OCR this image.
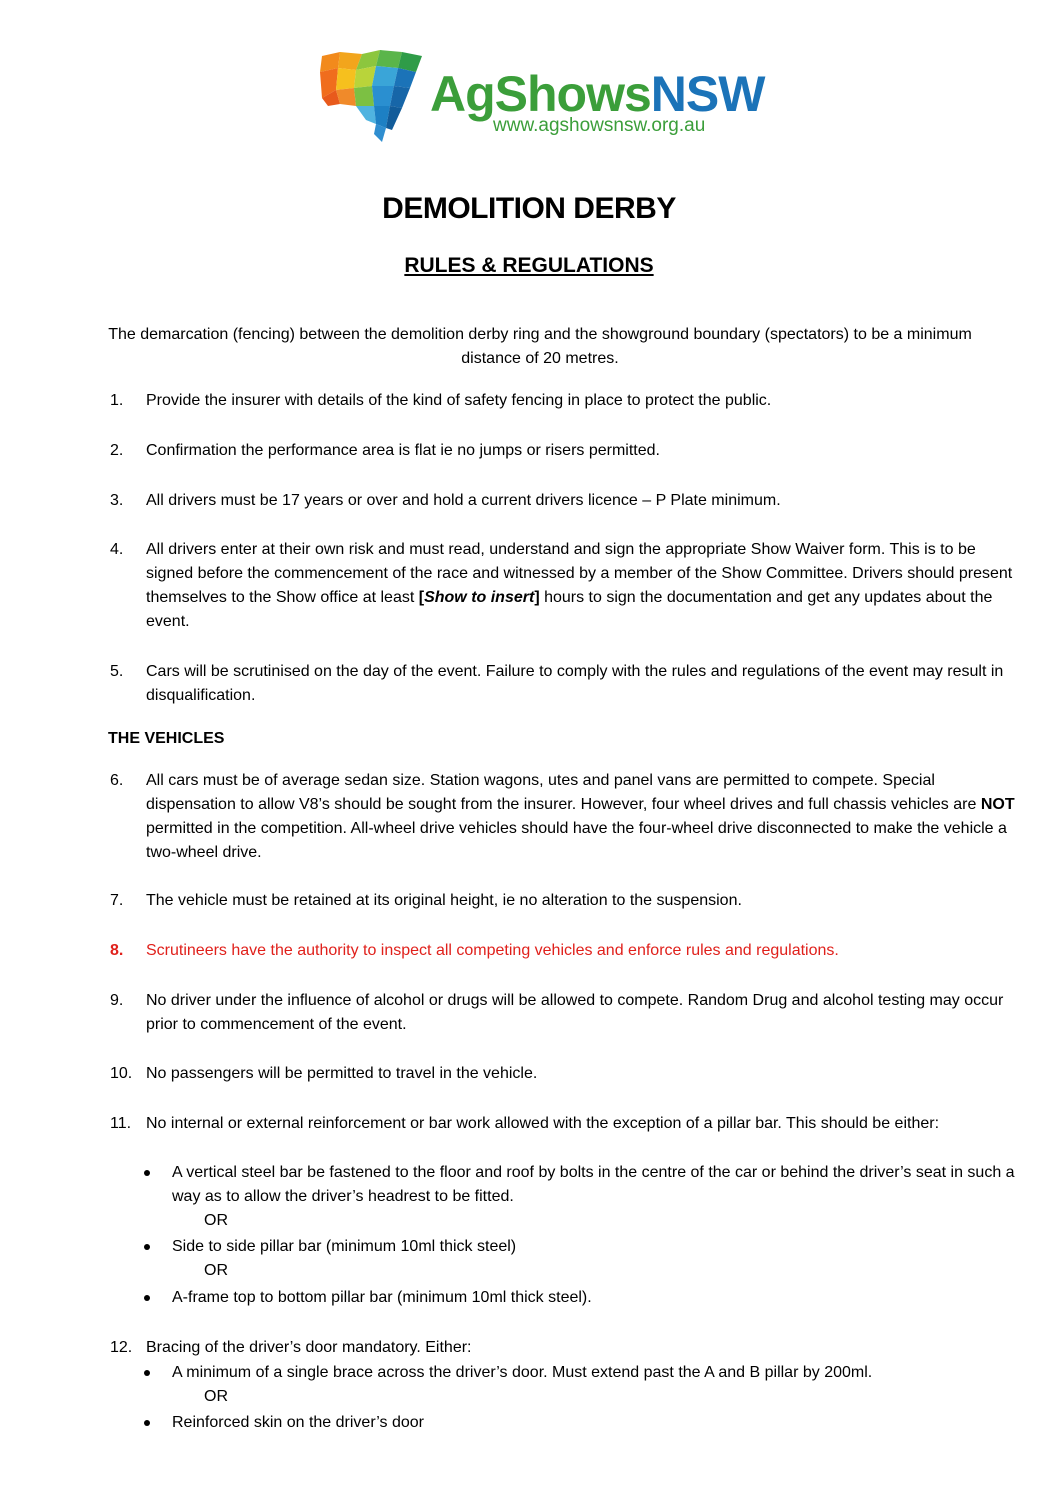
AgShowsNSW
www.agshowsnsw.org.au
DEMOLITION DERBY
RULES & REGULATIONS
The demarcation (fencing) between the demolition derby ring and the showground boundary (spectators) to be a minimum distance of 20 metres.
1.	Provide the insurer with details of the kind of safety fencing in place to protect the public.
2.	Confirmation the performance area is flat ie no jumps or risers permitted.
3.	All drivers must be 17 years or over and hold a current drivers licence – P Plate minimum.
4.	All drivers enter at their own risk and must read, understand and sign the appropriate Show Waiver form. This is to be signed before the commencement of the race and witnessed by a member of the Show Committee. Drivers should present themselves to the Show office at least [Show to insert] hours to sign the documentation and get any updates about the event.
5.	Cars will be scrutinised on the day of the event. Failure to comply with the rules and regulations of the event may result in disqualification.
THE VEHICLES
6.	All cars must be of average sedan size. Station wagons, utes and panel vans are permitted to compete. Special dispensation to allow V8’s should be sought from the insurer. However, four wheel drives and full chassis vehicles are NOT permitted in the competition. All-wheel drive vehicles should have the four-wheel drive disconnected to make the vehicle a two-wheel drive.
7.	The vehicle must be retained at its original height, ie no alteration to the suspension.
8.	Scrutineers have the authority to inspect all competing vehicles and enforce rules and regulations.
9.	No driver under the influence of alcohol or drugs will be allowed to compete. Random Drug and alcohol testing may occur prior to commencement of the event.
10. No passengers will be permitted to travel in the vehicle.
11. No internal or external reinforcement or bar work allowed with the exception of a pillar bar. This should be either:
A vertical steel bar be fastened to the floor and roof by bolts in the centre of the car or behind the driver’s seat in such a way as to allow the driver’s headrest to be fitted.
OR
Side to side pillar bar (minimum 10ml thick steel)
OR
A-frame top to bottom pillar bar (minimum 10ml thick steel).
12. Bracing of the driver’s door mandatory. Either:
A minimum of a single brace across the driver’s door. Must extend past the A and B pillar by 200ml.
OR
Reinforced skin on the driver’s door
